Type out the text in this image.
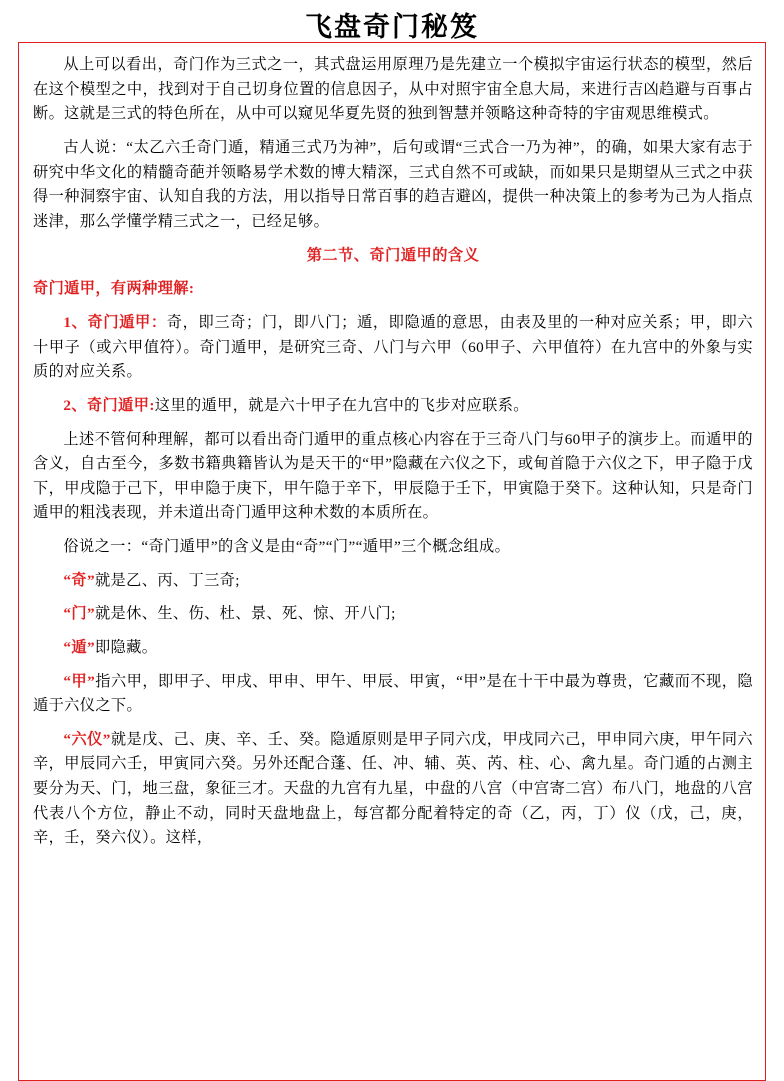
飞盘奇门秘笈

从上可以看出，奇门作为三式之一，其式盘运用原理乃是先建立一个模拟宇宙运行状态的模型，然后在这个模型之中，找到对于自己切身位置的信息因子，从中对照宇宙全息大局，来进行吉凶趋避与百事占断。这就是三式的特色所在，从中可以窥见华夏先贤的独到智慧并领略这种奇特的宇宙观思维模式。

古人说：“太乙六壬奇门遁，精通三式乃为神”，后句或谓“三式合一乃为神”，的确，如果大家有志于研究中华文化的精髓奇葩并领略易学术数的博大精深，三式自然不可或缺，而如果只是期望从三式之中获得一种洞察宇宙、认知自我的方法，用以指导日常百事的趋吉避凶，提供一种决策上的参考为己为人指点迷津，那么学懂学精三式之一，已经足够。

第二节、奇门遁甲的含义

奇门遁甲，有两种理解:

1、奇门遁甲：奇，即三奇；门，即八门；遁，即隐遁的意思，由表及里的一种对应关系；甲，即六十甲子（或六甲值符）。奇门遁甲，是研究三奇、八门与六甲（60甲子、六甲值符）在九宫中的外象与实质的对应关系。

2、奇门遁甲:这里的遁甲，就是六十甲子在九宫中的飞步对应联系。

上述不管何种理解，都可以看出奇门遁甲的重点核心内容在于三奇八门与60甲子的演步上。而遁甲的含义，自古至今，多数书籍典籍皆认为是天干的“甲”隐藏在六仪之下，或甸首隐于六仪之下，甲子隐于戊下，甲戌隐于己下，甲申隐于庚下，甲午隐于辛下，甲辰隐于壬下，甲寅隐于癸下。这种认知，只是奇门遁甲的粗浅表现，并未道出奇门遁甲这种术数的本质所在。

俗说之一：“奇门遁甲”的含义是由“奇”“门”“遁甲”三个概念组成。

“奇”就是乙、丙、丁三奇;

“门”就是休、生、伤、杜、景、死、惊、开八门;

“遁”即隐藏。

“甲”指六甲，即甲子、甲戌、甲申、甲午、甲辰、甲寅，“甲”是在十干中最为尊贵，它藏而不现，隐遁于六仪之下。

“六仪”就是戊、己、庚、辛、壬、癸。隐遁原则是甲子同六戊，甲戌同六己，甲申同六庚，甲午同六辛，甲辰同六壬，甲寅同六癸。另外还配合蓬、任、冲、辅、英、芮、柱、心、禽九星。奇门遁的占测主要分为天、门，地三盘，象征三才。天盘的九宫有九星，中盘的八宫（中宫寄二宫）布八门，地盘的八宫代表八个方位，静止不动，同时天盘地盘上，每宫都分配着特定的奇（乙，丙，丁）仪（戊，己，庚，辛，壬，癸六仪）。这样，
